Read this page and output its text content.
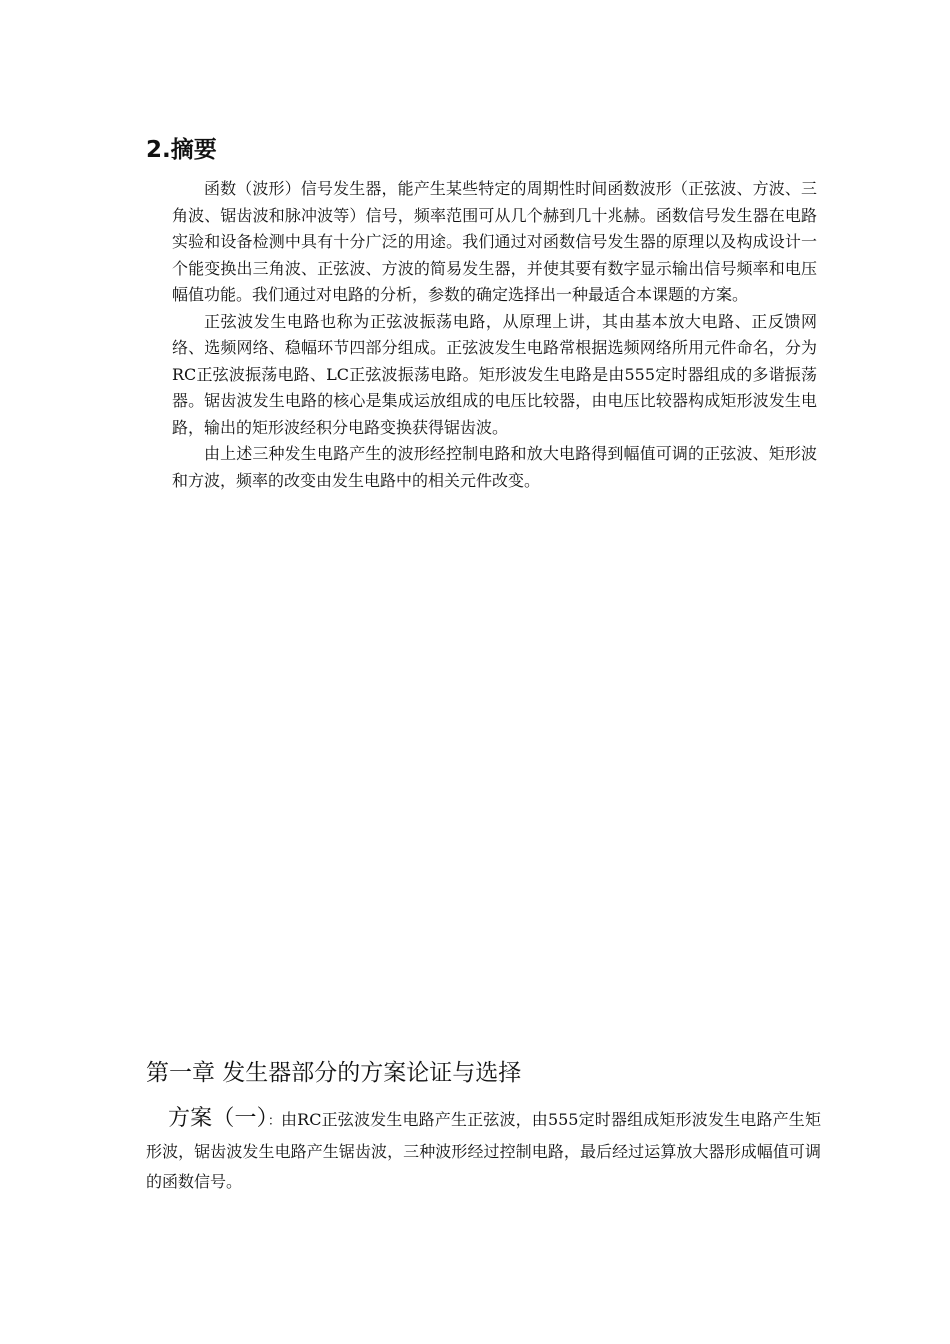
2.摘要

函数（波形）信号发生器，能产生某些特定的周期性时间函数波形（正弦波、方波、三角波、锯齿波和脉冲波等）信号，频率范围可从几个赫到几十兆赫。函数信号发生器在电路实验和设备检测中具有十分广泛的用途。我们通过对函数信号发生器的原理以及构成设计一个能变换出三角波、正弦波、方波的简易发生器，并使其要有数字显示输出信号频率和电压幅值功能。我们通过对电路的分析，参数的确定选择出一种最适合本课题的方案。

正弦波发生电路也称为正弦波振荡电路，从原理上讲，其由基本放大电路、正反馈网络、选频网络、稳幅环节四部分组成。正弦波发生电路常根据选频网络所用元件命名，分为RC正弦波振荡电路、LC正弦波振荡电路。矩形波发生电路是由555定时器组成的多谐振荡器。锯齿波发生电路的核心是集成运放组成的电压比较器，由电压比较器构成矩形波发生电路，输出的矩形波经积分电路变换获得锯齿波。

由上述三种发生电路产生的波形经控制电路和放大电路得到幅值可调的正弦波、矩形波和方波，频率的改变由发生电路中的相关元件改变。

第一章 发生器部分的方案论证与选择

方案（一）：由RC正弦波发生电路产生正弦波，由555定时器组成矩形波发生电路产生矩形波，锯齿波发生电路产生锯齿波，三种波形经过控制电路，最后经过运算放大器形成幅值可调的函数信号。
